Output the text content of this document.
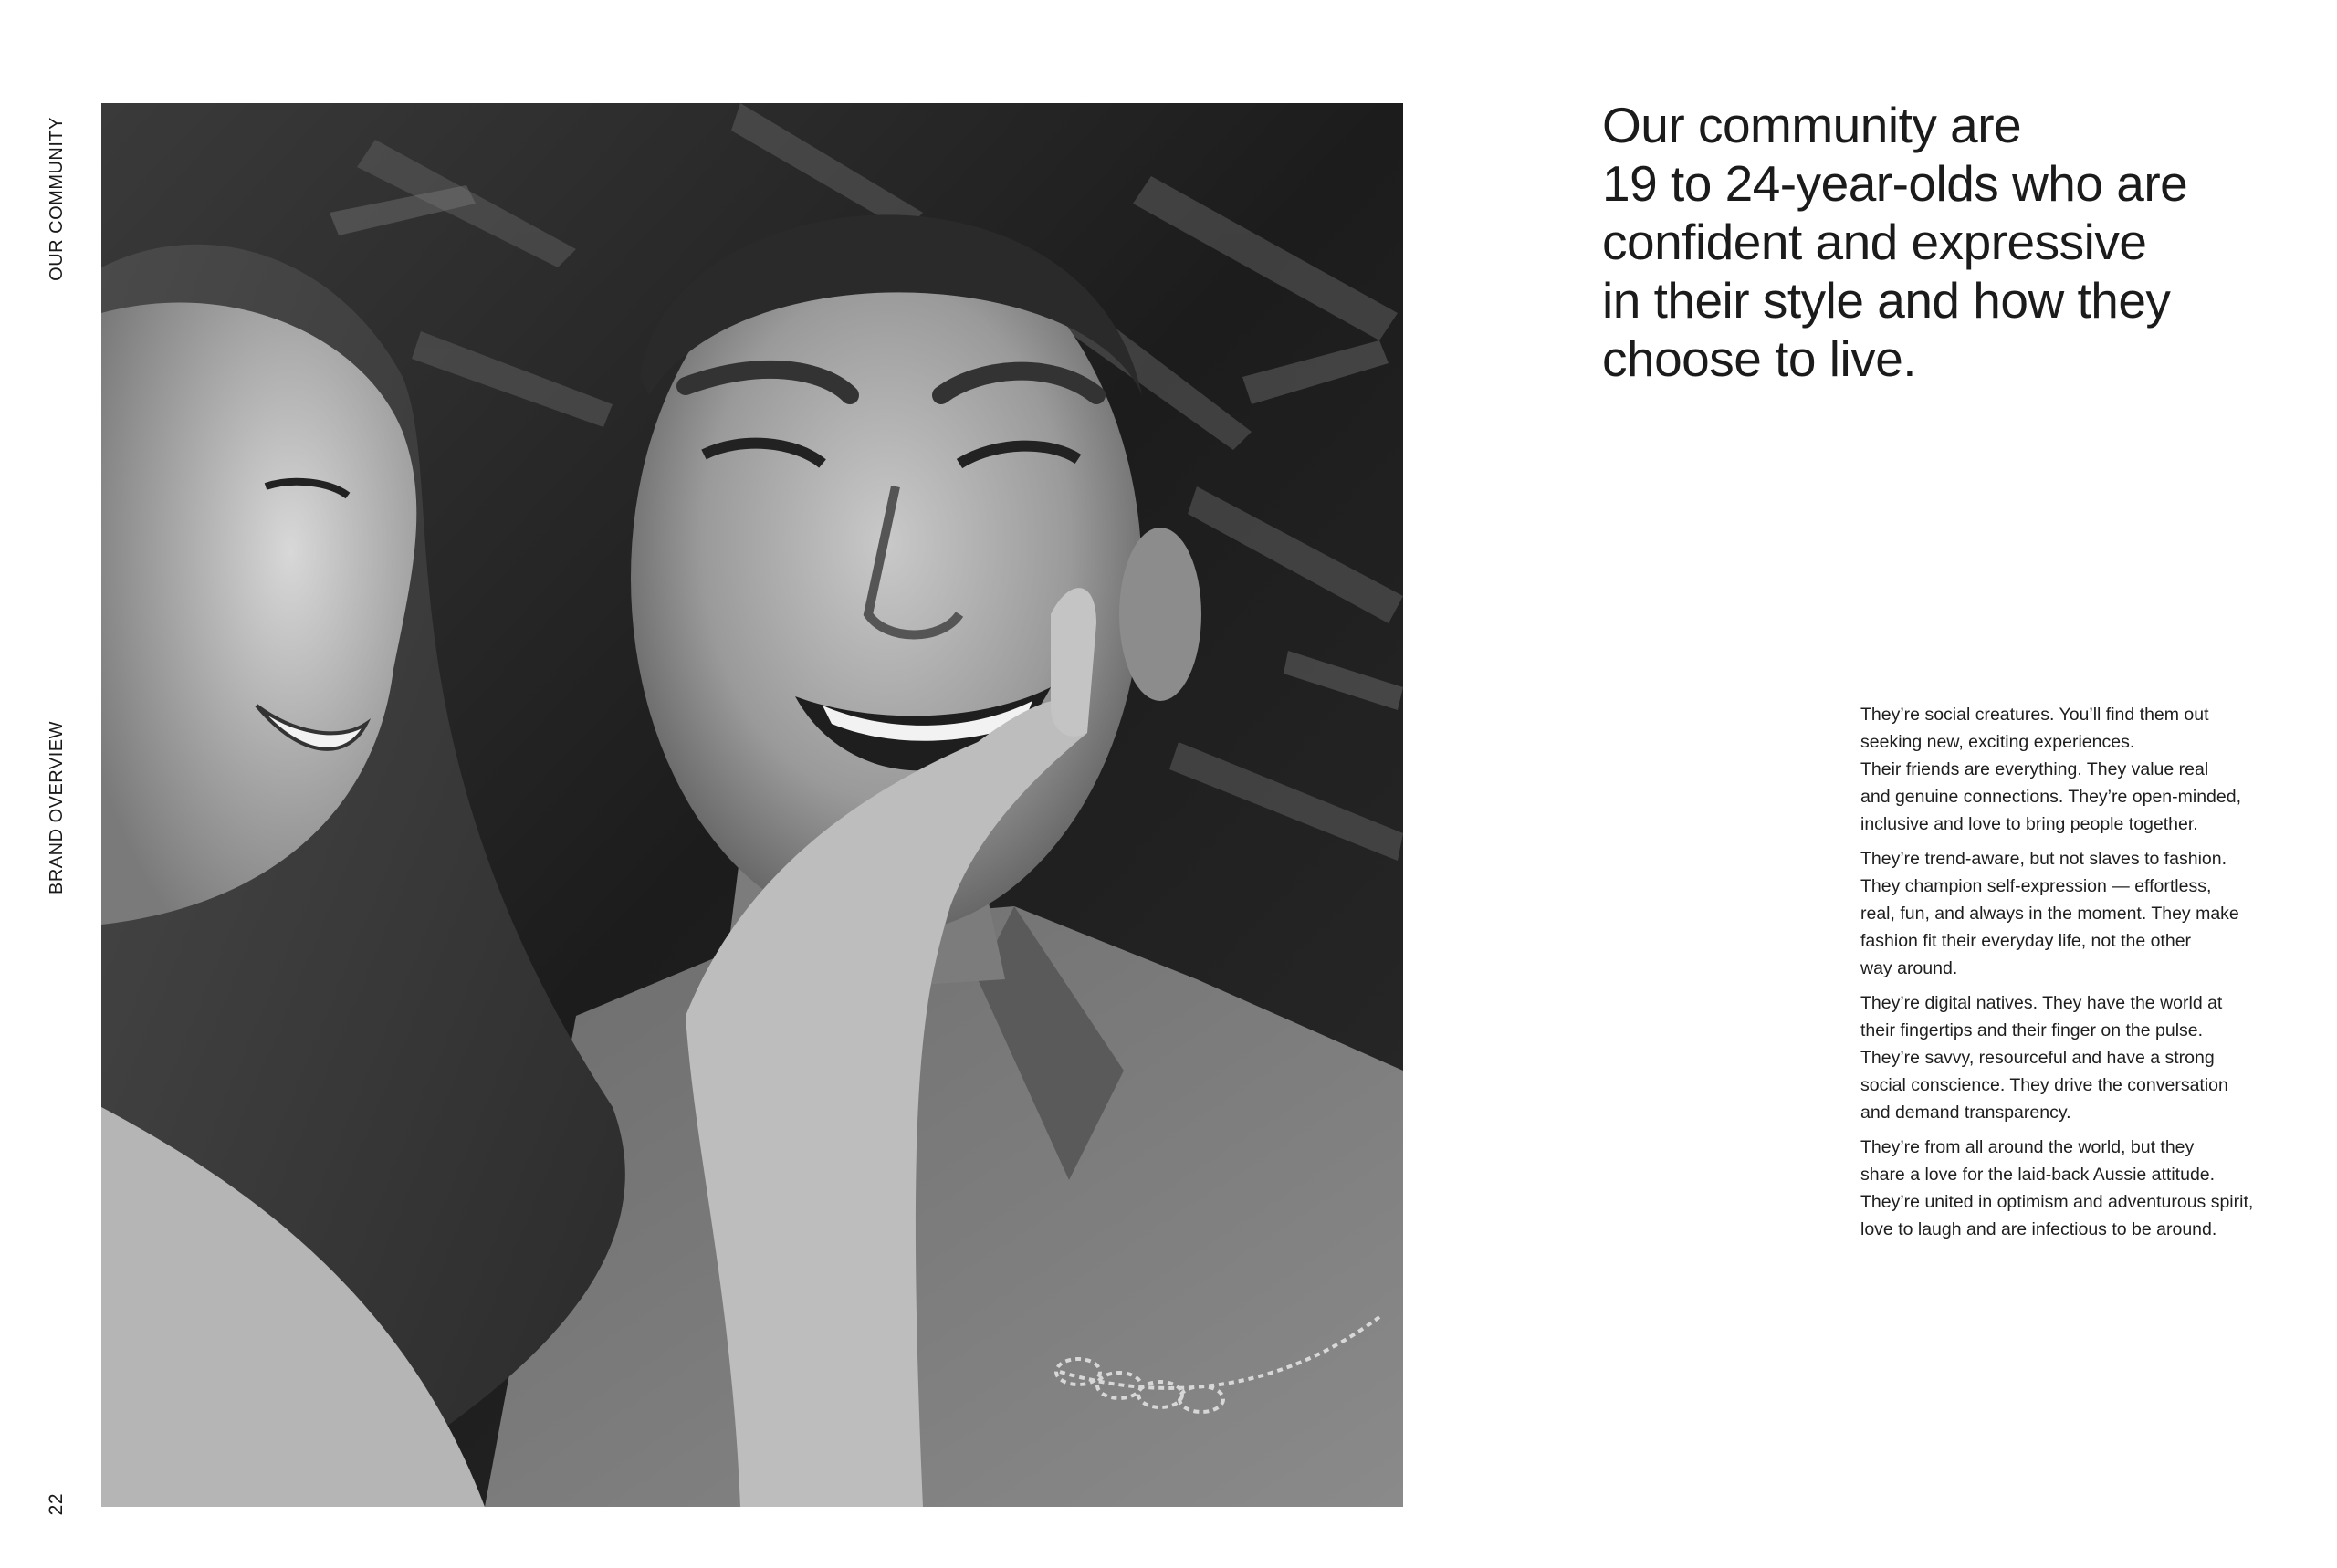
OUR COMMUNITY
BRAND OVERVIEW
22
Our community are
19 to 24-year-olds who are
confident and expressive
in their style and how they
choose to live.

They’re social creatures. You’ll find them out
seeking new, exciting experiences.
Their friends are everything. They value real
and genuine connections. They’re open-minded,
inclusive and love to bring people together.

They’re trend-aware, but not slaves to fashion.
They champion self-expression — effortless,
real, fun, and always in the moment. They make
fashion fit their everyday life, not the other
way around.

They’re digital natives. They have the world at
their fingertips and their finger on the pulse.
They’re savvy, resourceful and have a strong
social conscience. They drive the conversation
and demand transparency.

They’re from all around the world, but they
share a love for the laid-back Aussie attitude.
They’re united in optimism and adventurous spirit,
love to laugh and are infectious to be around.
